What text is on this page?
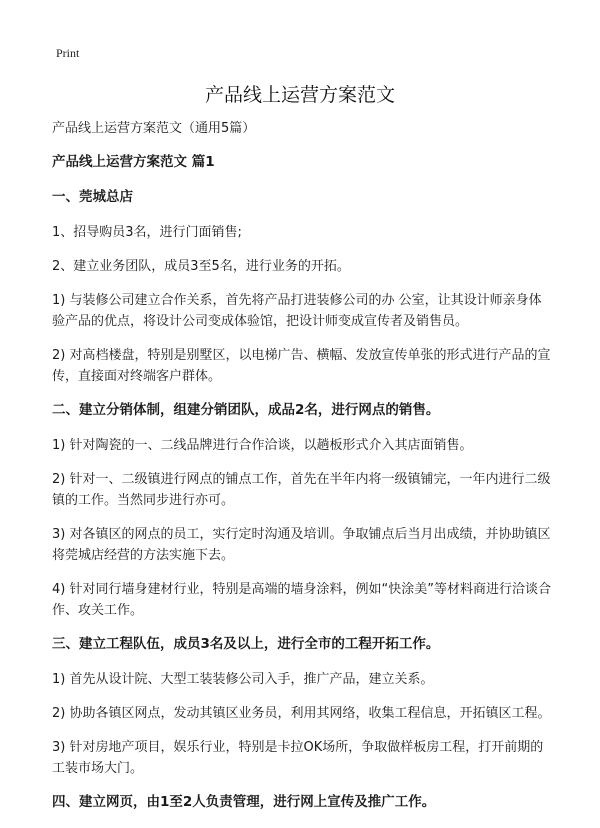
Print
产品线上运营方案范文

产品线上运营方案范文（通用5篇）

产品线上运营方案范文 篇1

一、莞城总店

1、招导购员3名，进行门面销售;

2、建立业务团队，成员3至5名，进行业务的开拓。

1) 与装修公司建立合作关系，首先将产品打进装修公司的办 公室，让其设计师亲身体验产品的优点，将设计公司变成体验馆，把设计师变成宣传者及销售员。

2) 对高档楼盘，特别是别墅区，以电梯广告、横幅、发放宣传单张的形式进行产品的宣传，直接面对终端客户群体。

二、建立分销体制，组建分销团队，成品2名，进行网点的销售。

1) 针对陶瓷的一、二线品牌进行合作洽谈，以趟板形式介入其店面销售。

2) 针对一、二级镇进行网点的铺点工作，首先在半年内将一级镇铺完，一年内进行二级镇的工作。当然同步进行亦可。

3) 对各镇区的网点的员工，实行定时沟通及培训。争取铺点后当月出成绩，并协助镇区将莞城店经营的方法实施下去。

4) 针对同行墙身建材行业，特别是高端的墙身涂料，例如“快涂美”等材料商进行洽谈合作、攻关工作。

三、建立工程队伍，成员3名及以上，进行全市的工程开拓工作。

1) 首先从设计院、大型工装装修公司入手，推广产品，建立关系。

2) 协助各镇区网点，发动其镇区业务员，利用其网络，收集工程信息，开拓镇区工程。

3) 针对房地产项目，娱乐行业，特别是卡拉OK场所，争取做样板房工程，打开前期的工装市场大门。

四、建立网页，由1至2人负责管理，进行网上宣传及推广工作。
